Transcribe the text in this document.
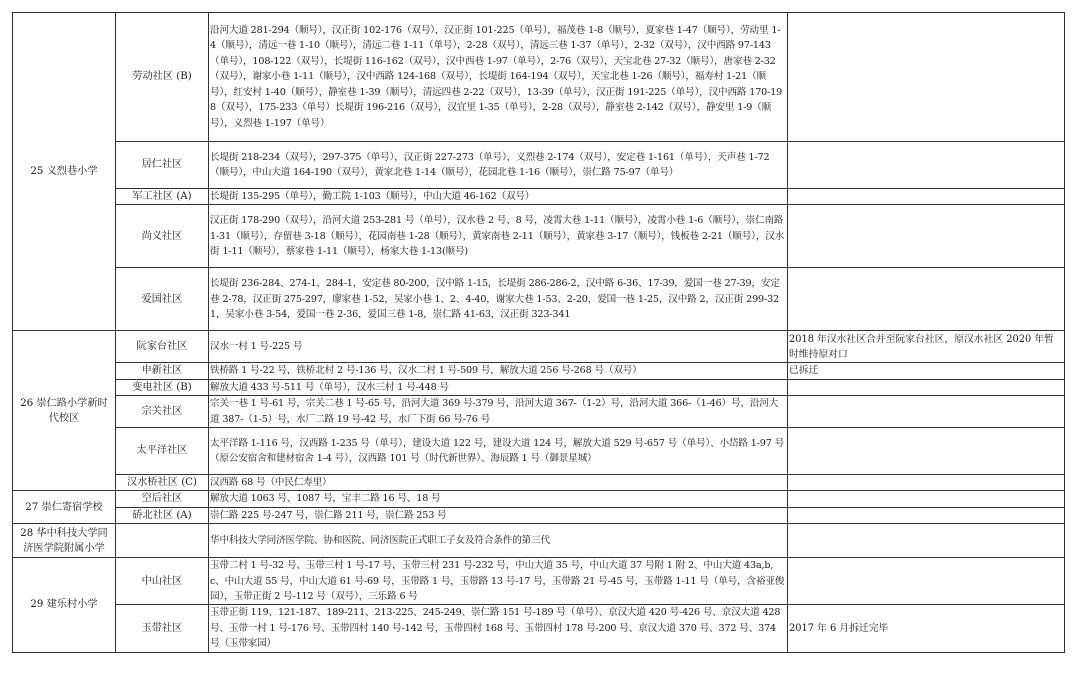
25 义烈巷小学	劳动社区 (B)	沿河大道 281-294（顺号），汉正街 102-176（双号），汉正街 101-225（单号），福茂巷 1-8（顺号），夏家巷 1-47（顺号），劳动里 1-4（顺号），清远一巷 1-10（顺号），清远二巷 1-11（单号），2-28（双号），清远三巷 1-37（单号），2-32（双号），汉中西路 97-143（单号），108-122（双号），长堤街 116-162（双号），汉中西巷 1-97（单号），2-76（双号），天宝北巷 27-32（顺号），唐家巷 2-32（双号），谢家小巷 1-11（顺号），汉中西路 124-168（双号），长堤街 164-194（双号），天宝北巷 1-26（顺号），福寿村 1-21（顺号），红安村 1-40（顺号），静室巷 1-39（顺号），清远四巷 2-22（双号），13-39（单号），汉正街 191-225（单号），汉中西路 170-198（双号），175-233（单号）长堤街 196-216（双号），汉宜里 1-35（单号），2-28（双号），静室巷 2-142（双号），静安里 1-9（顺号），义烈巷 1-197（单号）	
	居仁社区	长堤街 218-234（双号），297-375（单号），汉正街 227-273（单号），义烈巷 2-174（双号），安定巷 1-161（单号），天声巷 1-72（顺号），中山大道 164-190（双号），黄家北巷 1-14（顺号），花园北巷 1-16（顺号），崇仁路 75-97（单号）	
	军工社区 (A)	长堤街 135-295（单号），勤工院 1-103（顺号），中山大道 46-162（双号）	
	尚义社区	汉正街 178-290（双号），沿河大道 253-281 号（单号），汉水巷 2 号、8 号，凌霄大巷 1-11（顺号），凌霄小巷 1-6（顺号），崇仁南路 1-31（顺号），存留巷 3-18（顺号），花园南巷 1-28（顺号），黄家南巷 2-11（顺号），黄家巷 3-17（顺号），钱板巷 2-21（顺号），汉水街 1-11（顺号），蔡家巷 1-11（顺号），杨家大巷 1-13(顺号)	
	爱国社区	长堤街 236-284、274-1、284-1，安定巷 80-200，汉中路 1-15，长堤街 286-286-2，汉中路 6-36、17-39，爱国一巷 27-39，安定巷 2-78，汉正街 275-297，廖家巷 1-52，吴家小巷 1、2、4-40，谢家大巷 1-53、2-20，爱国一巷 1-25，汉中路 2，汉正街 299-321，吴家小巷 3-54，爱国一巷 2-36，爱国三巷 1-8，崇仁路 41-63，汉正街 323-341	
26 崇仁路小学新时代校区	阮家台社区	汉水一村 1 号-225 号	2018 年汉水社区合并至阮家台社区，原汉水社区 2020 年暂时维持原对口
	申新社区	铁桥路 1 号-22 号，铁桥北村 2 号-136 号，汉水二村 1 号-509 号，解放大道 256 号-268 号（双号）	已拆迁
	变电社区 (B)	解放大道 433 号-511 号（单号），汉水三村 1 号-448 号	
	宗关社区	宗关一巷 1 号-61 号，宗关二巷 1 号-65 号，沿河大道 369 号-379 号，沿河大道 367-（1-2）号，沿河大道 366-（1-46）号，沿河大道 387-（1-5）号，水厂二路 19 号-42 号，水厂下街 66 号-76 号	
	太平洋社区	太平洋路 1-116 号，汉西路 1-235 号（单号），建设大道 122 号，建设大道 124 号，解放大道 529 号-657 号（单号）、小岱路 1-97 号（原公安宿舍和建材宿舍 1-4 号），汉西路 101 号（时代新世界）、海辰路 1 号（御景星城）	
	汉水桥社区 (C)	汉西路 68 号（中民仁寿里）	
27 崇仁寄宿学校	空后社区	解放大道 1063 号、1087 号，宝丰二路 16 号、18 号	
	硚北社区 (A)	崇仁路 225 号-247 号，崇仁路 211 号，崇仁路 253 号	
28 华中科技大学同济医学院附属小学		华中科技大学同济医学院、协和医院、同济医院正式职工子女及符合条件的第三代	
29 建乐村小学	中山社区	玉带二村 1 号-32 号、玉带三村 1 号-17 号，玉带三村 231 号-232 号，中山大道 35 号，中山大道 37 号附 1 附 2、中山大道 43a,b,c、中山大道 55 号，中山大道 61 号-69 号，玉带路 1 号，玉带路 13 号-17 号，玉带路 21 号-45 号，玉带路 1-11 号（单号，含裕亚俊园），玉带正街 2 号-112 号（双号），三乐路 6 号	
	玉带社区	玉带正街 119、121-187、189-211、213-225、245-249、崇仁路 151 号-189 号（单号）、京汉大道 420 号-426 号、京汉大道 428 号、玉带一村 1 号-176 号、玉带四村 140 号-142 号，玉带四村 168 号、玉带四村 178 号-200 号、京汉大道 370 号、372 号、374 号（玉带家园）	2017 年 6 月拆迁完毕
